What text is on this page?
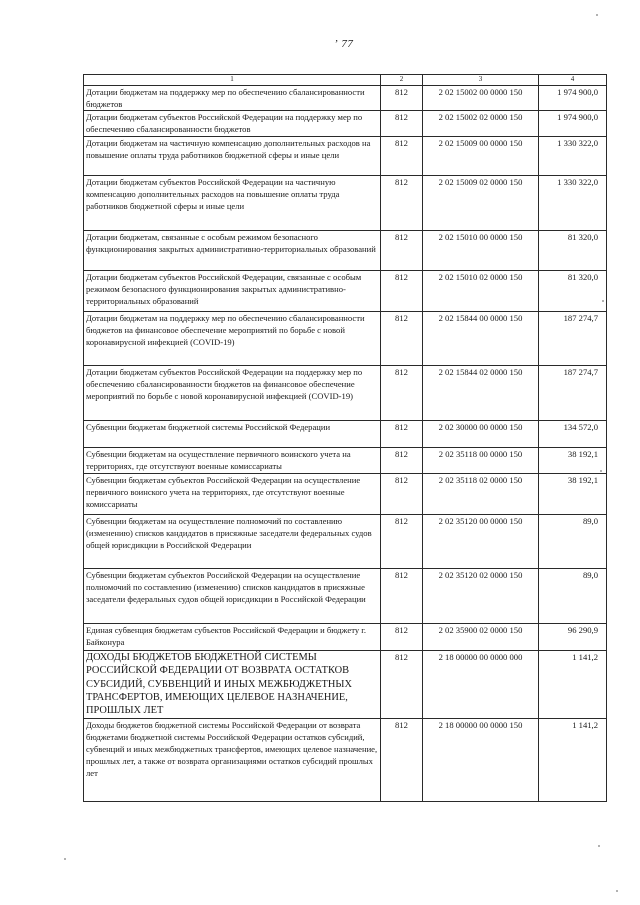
ʼ 77
1	2	3	4
Дотации бюджетам на поддержку мер по обеспечению сбалансированности бюджетов	812	2 02 15002 00 0000 150	1 974 900,0
Дотации бюджетам субъектов Российской Федерации на поддержку мер по обеспечению сбалансированности бюджетов	812	2 02 15002 02 0000 150	1 974 900,0
Дотации бюджетам на частичную компенсацию дополнительных расходов на повышение оплаты труда работников бюджетной сферы и иные цели	812	2 02 15009 00 0000 150	1 330 322,0
Дотации бюджетам субъектов Российской Федерации на частичную компенсацию дополнительных расходов на повышение оплаты труда работников бюджетной сферы и иные цели	812	2 02 15009 02 0000 150	1 330 322,0
Дотации бюджетам, связанные с особым режимом безопасного функционирования закрытых административно-территориальных образований	812	2 02 15010 00 0000 150	81 320,0
Дотации бюджетам субъектов Российской Федерации, связанные с особым режимом безопасного функционирования закрытых административно-территориальных образований	812	2 02 15010 02 0000 150	81 320,0
Дотации бюджетам на поддержку мер по обеспечению сбалансированности бюджетов на финансовое обеспечение мероприятий по борьбе с новой коронавирусной инфекцией (COVID-19)	812	2 02 15844 00 0000 150	187 274,7
Дотации бюджетам субъектов Российской Федерации на поддержку мер по обеспечению сбалансированности бюджетов на финансовое обеспечение мероприятий по борьбе с новой коронавирусной инфекцией (COVID-19)	812	2 02 15844 02 0000 150	187 274,7
Субвенции бюджетам бюджетной системы Российской Федерации	812	2 02 30000 00 0000 150	134 572,0
Субвенции бюджетам на осуществление первичного воинского учета на территориях, где отсутствуют военные комиссариаты	812	2 02 35118 00 0000 150	38 192,1
Субвенции бюджетам субъектов Российской Федерации на осуществление первичного воинского учета на территориях, где отсутствуют военные комиссариаты	812	2 02 35118 02 0000 150	38 192,1
Субвенции бюджетам на осуществление полномочий по составлению (изменению) списков кандидатов в присяжные заседатели федеральных судов общей юрисдикции в Российской Федерации	812	2 02 35120 00 0000 150	89,0
Субвенции бюджетам субъектов Российской Федерации на осуществление полномочий по составлению (изменению) списков кандидатов в присяжные заседатели федеральных судов общей юрисдикции в Российской Федерации	812	2 02 35120 02 0000 150	89,0
Единая субвенция бюджетам субъектов Российской Федерации и бюджету г. Байконура	812	2 02 35900 02 0000 150	96 290,9
ДОХОДЫ БЮДЖЕТОВ БЮДЖЕТНОЙ СИСТЕМЫ РОССИЙСКОЙ ФЕДЕРАЦИИ ОТ ВОЗВРАТА ОСТАТКОВ СУБСИДИЙ, СУБВЕНЦИЙ И ИНЫХ МЕЖБЮДЖЕТНЫХ ТРАНСФЕРТОВ, ИМЕЮЩИХ ЦЕЛЕВОЕ НАЗНАЧЕНИЕ, ПРОШЛЫХ ЛЕТ	812	2 18 00000 00 0000 000	1 141,2
Доходы бюджетов бюджетной системы Российской Федерации от возврата бюджетами бюджетной системы Российской Федерации остатков субсидий, субвенций и иных межбюджетных трансфертов, имеющих целевое назначение, прошлых лет, а также от возврата организациями остатков субсидий прошлых лет	812	2 18 00000 00 0000 150	1 141,2
